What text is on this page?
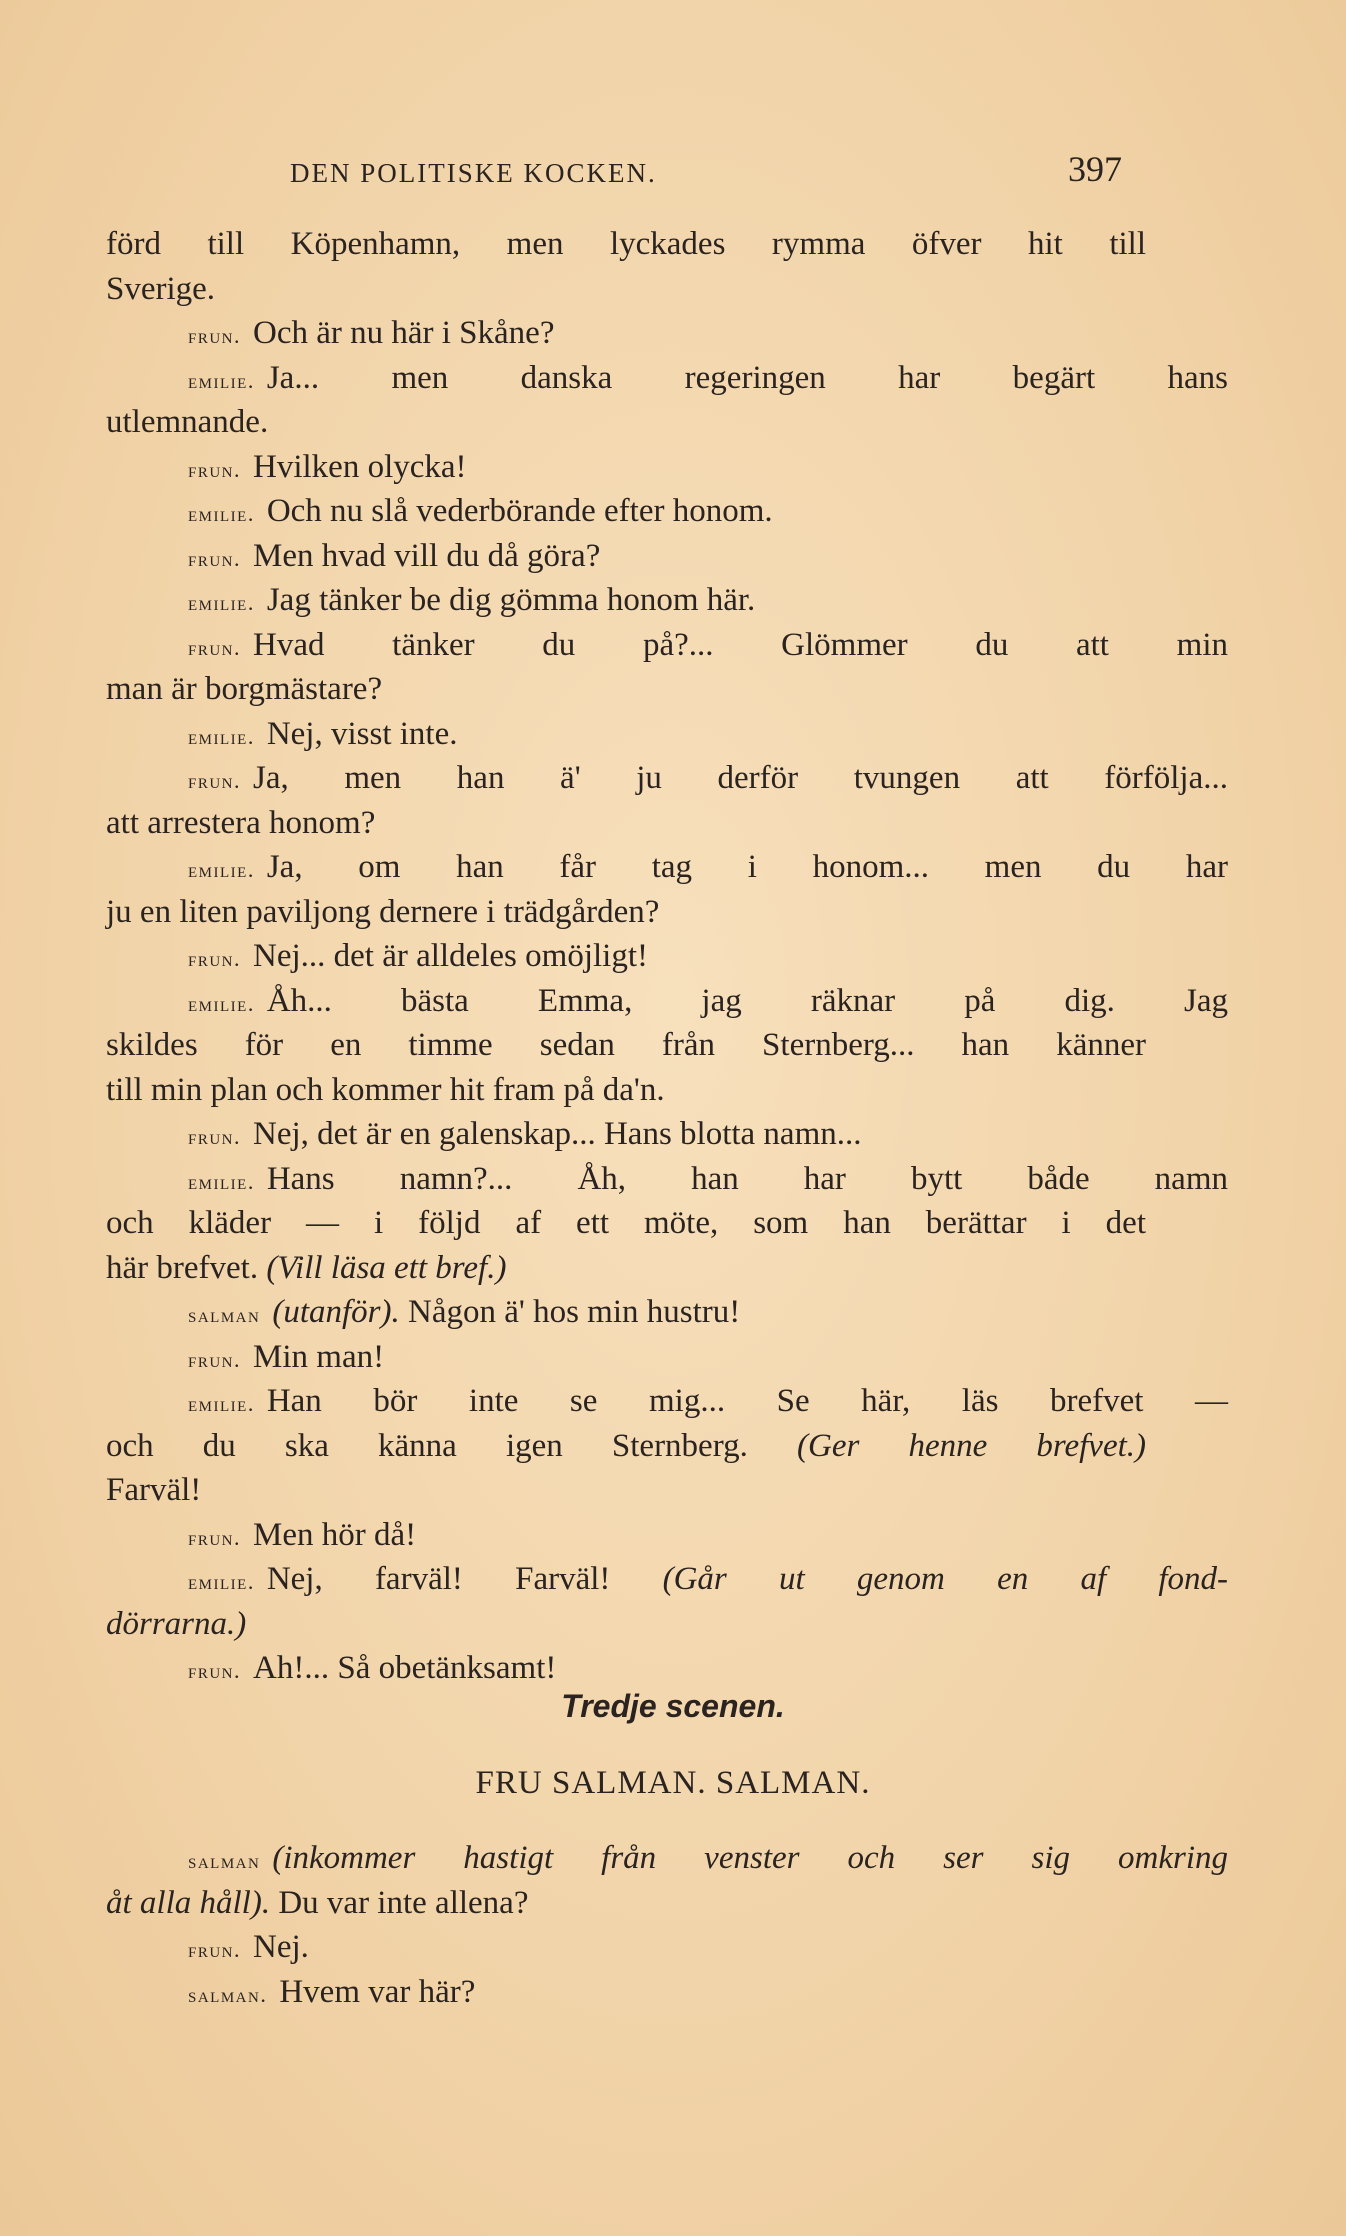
DEN POLITISKE KOCKEN.	397
förd till Köpenhamn, men lyckades rymma öfver hit till
Sverige.
frun. Och är nu här i Skåne?
emilie. Ja... men danska regeringen har begärt hans
utlemnande.
frun. Hvilken olycka!
emilie. Och nu slå vederbörande efter honom.
frun. Men hvad vill du då göra?
emilie. Jag tänker be dig gömma honom här.
frun. Hvad tänker du på?... Glömmer du att min
man är borgmästare?
emilie. Nej, visst inte.
frun. Ja, men han ä' ju derför tvungen att förfölja...
att arrestera honom?
emilie. Ja, om han får tag i honom... men du har
ju en liten paviljong dernere i trädgården?
frun. Nej... det är alldeles omöjligt!
emilie. Åh... bästa Emma, jag räknar på dig. Jag
skildes för en timme sedan från Sternberg... han känner
till min plan och kommer hit fram på da'n.
frun. Nej, det är en galenskap... Hans blotta namn...
emilie. Hans namn?... Åh, han har bytt både namn
och kläder — i följd af ett möte, som han berättar i det
här brefvet. (Vill läsa ett bref.)
salman (utanför). Någon ä' hos min hustru!
frun. Min man!
emilie. Han bör inte se mig... Se här, läs brefvet —
och du ska känna igen Sternberg. (Ger henne brefvet.)
Farväl!
frun. Men hör då!
emilie. Nej, farväl! Farväl! (Går ut genom en af fond-
dörrarna.)
frun. Ah!... Så obetänksamt!
Tredje scenen.
FRU SALMAN. SALMAN.
salman (inkommer hastigt från venster och ser sig omkring
åt alla håll). Du var inte allena?
frun. Nej.
salman. Hvem var här?
